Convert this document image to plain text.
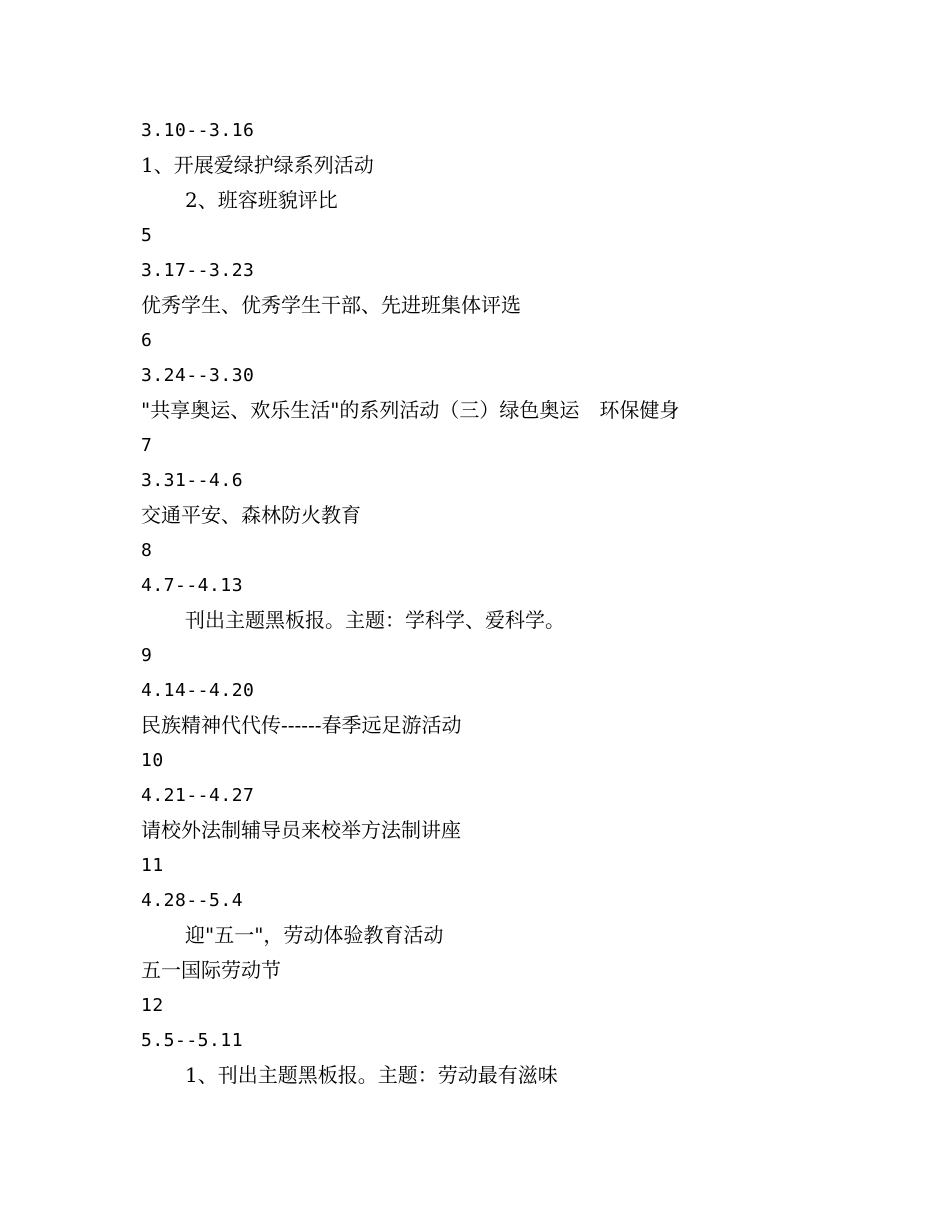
3.10--3.16
1、开展爱绿护绿系列活动
2、班容班貌评比
5
3.17--3.23
优秀学生、优秀学生干部、先进班集体评选
6
3.24--3.30
"共享奥运、欢乐生活"的系列活动（三）绿色奥运　环保健身
7
3.31--4.6
交通平安、森林防火教育
8
4.7--4.13
刊出主题黑板报。主题：学科学、爱科学。
9
4.14--4.20
民族精神代代传------春季远足游活动
10
4.21--4.27
请校外法制辅导员来校举方法制讲座
11
4.28--5.4
迎"五一"，劳动体验教育活动
五一国际劳动节
12
5.5--5.11
1、刊出主题黑板报。主题：劳动最有滋味
